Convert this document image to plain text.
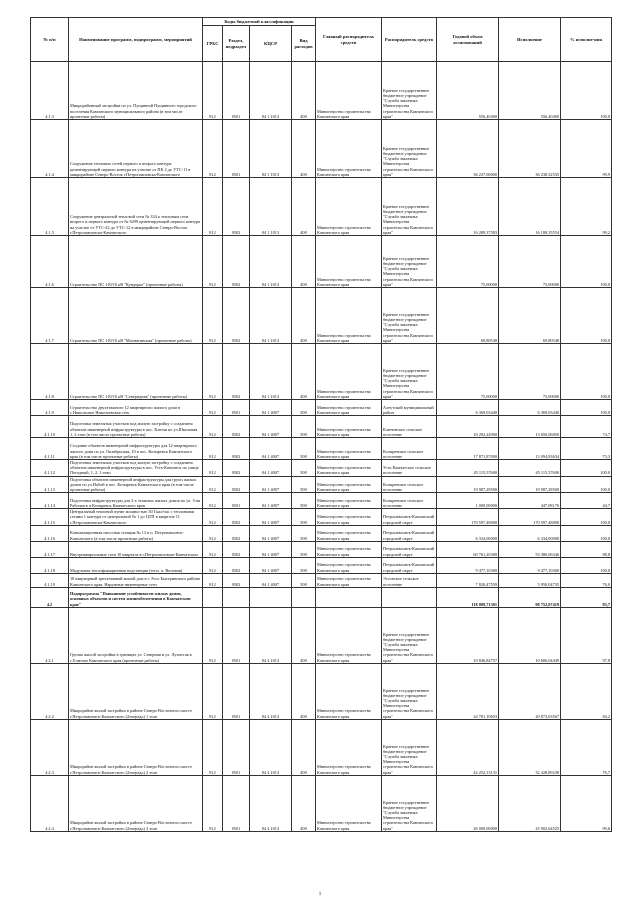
№ п/п	Наименование программ, подпрограмм, мероприятий	Коды бюджетной классификации				Главный распорядитель средств	Распорядитель средств	Годовой объем ассигнований	Исполнение	% исполне-ния
		ГРБС	Раздел, подраздел	КЦСР	Вид расходов					
4.1.3	Микрорайонный застройки по ул. Пущинной Пущинного городского поселения Камчатского муниципального района (в том числе проектные работы)	812	0501	04 1 1013	400	Министерство строительства Камчатского края	Краевое государственное бюджетное учреждение "Служба заказчика Министерства строительства Камчатского края"	556,40400	556,40400	100,0
4.1.4	Сооружение тепловых сетей первого и второго контура цементирующей первого контура на участке от ПК 2 до УТС-11 в микрорайоне Северо-Восток г.Петропавловска-Камчатского	812	0501	04 1 1013	400	Министерство строительства Камчатского края	Краевое государственное бюджетное учреждение "Служба заказчика Министерства строительства Камчатского края"	36 237,00000	36 238,32535	99,9
4.1.5	Сооружение центральной тепловой сети № 334 к тепловым сети второго и первого контура от № 6299 цементирующей первого контура на участке от УТС-22 до УТС-12 в микрорайоне Северо-Восток г.Петропавловска-Камчатского	812	0502	04 1 1013	400	Министерство строительства Камчатского края	Краевое государственное бюджетное учреждение "Служба заказчика Министерства строительства Камчатского края"	16 289,37583	16 188,35554	99,2
4.1.6	Строительство ПС 110/10 кВ "Кундорье" (проектные работы)	812	0502	04 1 1013	400	Министерство строительства Камчатского края	Краевое государственное бюджетное учреждение "Служба заказчика Министерства строительства Камчатского края"	75,00000	75,00000	100,0
4.1.7	Строительство ПС 110/10 кВ "Мохнатинская" (проектные работы)	812	0502	04 1 1013	400	Министерство строительства Камчатского края	Краевое государственное бюджетное учреждение "Служба заказчика Министерства строительства Камчатского края"	69,80548	69,80548	100,0
4.1.8	Строительство ПС 110/10 кВ "Северидная" (проектные работы)	812	0502	04 1 1013	400	Министерство строительства Камчатского края	Краевое государственное бюджетное учреждение "Служба заказчика Министерства строительства Камчатского края"	75,00000	75,00000	100,0
4.1.9	Строительство двухэтажного 12 квартирного жилого дома в с.Никольское Николаевская сеть	812	0501	04 1 4007	500	Министерство строительства Камчатского края	Алеутский муниципальный район	6 369,03440	6 369,03440	100,0
4.1.10	Подготовка земельных участков под жилую застройку с созданием объектов инженерной инфраструктуры в пос. Ключи по ул.Школьная 1, 2 этап (в том числе проектные работы)	812	0502	04 1 4007	500	Министерство строительства Камчатского края	Ключевское сельское поселение	18 292,24900	13 656,06850	74,7
4.1.11	Создание объектов инженерной инфраструктуры для 12-квартирного жилого дома по ул. Октябрьская, 10 в пос. Козыревск Камчатского края (в том числе проектные работы)	812	0502	04 1 4007	500	Министерство строительства Камчатского края	Козыревское сельское поселение	17 871,87000	13 094,83634	73,3
4.1.12	Подготовка земельных участков под жилую застройку с созданием объектов инженерной инфраструктуры в пос. Усть-Камчатск по улице Погодный, 1, 2, 3 этап	812	0502	04 1 4007	500	Министерство строительства Камчатского края	Усть-Камчатское сельское поселение	45 115,57600	45 115,57600	100,0
4.1.13	Подготовка объектов инженерной инфраструктуры для групп жилых домов по ул.Набой в пос. Козыревск Камчатского края (в том числе проектные работы)	812	0502	04 1 4007	500	Министерство строительства Камчатского края	Козыревское сельское поселение	19 987,28500	19 987,28500	100,0
4.1.14	Подготовка инфраструктуры для 2-х этажных жилых домов по ул. 3-яя Рабочая в п.Козыревск Камчатского края	812	0501	04 1 4007	500	Министерство строительства Камчатского края	Козыревское сельское поселение	1 000,00000	447,08176	44,7
4.1.15	Центральный тепловой пункт мощностью 30 Гкал/час с тепловыми сетями 1 контура от центральной № 1 до ЦТП в квартале 11 г.Петропавловска-Камчатского	812	0502	04 1 4007	500	Министерство строительства Камчатского края	Петропавловск-Камчатский городской округ	170 597,48000	170 597,48000	100,0
4.1.16	Канализационная насосная станция № 13 в п. Петропавловск-Камчатского (в том числе проектные работы)	812	0502	04 1 4007	500	Министерство строительства Камчатского края	Петропавловск-Камчатский городской округ	6 334,00000	6 334,00000	100,0
4.1.17	Внутриквартальные сети 10 квартала в г.Петропавловске-Камчатском	812	0502	04 1 4007	500	Министерство строительства Камчатского края	Петропавловск-Камчатский городской округ	60 761,20300	53 386,06346	88,8
4.1.18	Модульная теплофикационная подстанция (тепл. п. Виловая)	812	0502	04 1 4007	500	Министерство строительства Камчатского края	Петропавловск-Камчатский городской округ	9 477,10300	9 477,10300	100,0
4.1.19	18 квартирный трехэтажный жилой дом в с.Эссо Быстринского района Камчатского края. Наружные инженерные сети	812	0502	04 1 4007	500	Министерство строительства Камчатского края	Эссовское сельское поселение	7 820,47559	5 950,04735	76,0
4.2	Подпрограмма "Повышение устойчивости жилых домов, основных объектов и систем жизнеобеспечения в Камчатском крае"							118 009,71301	98 752,07419	83,7
4.2.1	Группа жилой застройки в границах ул. Северная и ул. Лучистая в с.Елизово Камчатского края (проектные работы)	812	0501	04 2 1013	400	Министерство строительства Камчатского края	Краевое государственное бюджетное учреждение "Служба заказчика Министерства строительства Камчатского края"	10 846,84757	10 606,04449	97,8
4.2.2	Микрорайон жилой застройки в районе Северо-Восточного шоссе г.Петропавловск-Камчатского (2очередь) 1 этап	812	0501	04 2 1013	400	Министерство строительства Камчатского края	Краевое государственное бюджетное учреждение "Служба заказчика Министерства строительства Камчатского края"	24 781,10653	20 873,63567	84,2
4.2.3	Микрорайон жилой застройки в районе Северо-Восточного шоссе г.Петропавловск-Камчатского (2очередь) 2 этап	812	0501	04 2 1013	400	Министерство строительства Камчатского края	Краевое государственное бюджетное учреждение "Служба заказчика Министерства строительства Камчатского края"	42 252,13131	32 428,89238	76,7
4.2.4	Микрорайон жилой застройки в районе Северо-Восточного шоссе г.Петропавловск-Камчатского (2очередь) 3 этап	812	0501	04 2 1013	400	Министерство строительства Камчатского края	Краевое государственное бюджетное учреждение "Служба заказчика Министерства строительства Камчатского края"	26 000,00000	25 902,64525	99,6
1
